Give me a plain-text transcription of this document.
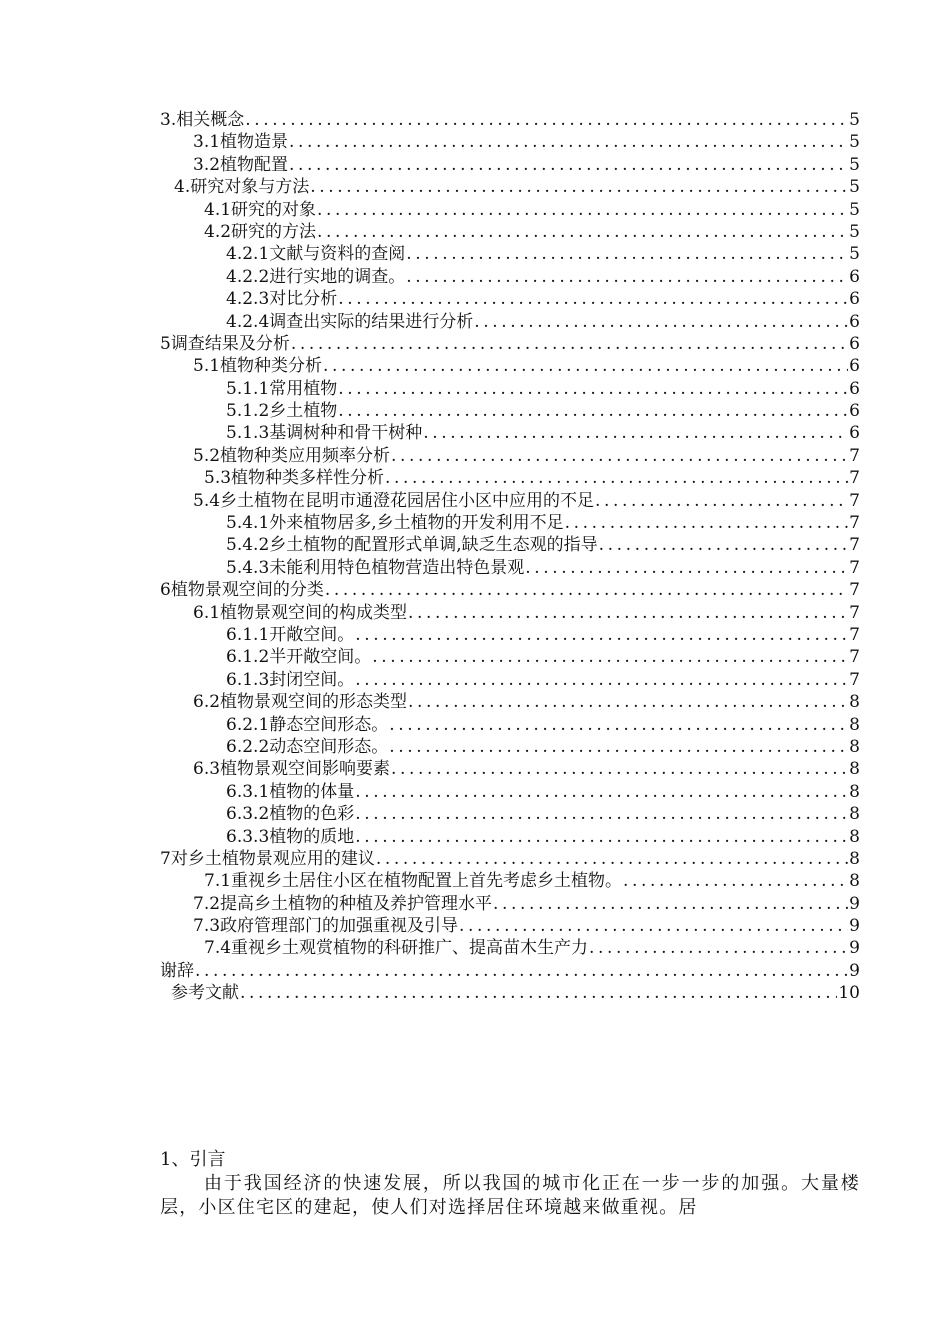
3.相关概念 .....	5
3.1植物造景 .....	5
3.2植物配置 .....	5
4.研究对象与方法 .....	5
4.1研究的对象 .....	5
4.2研究的方法 .....	5
4.2.1文献与资料的查阅 .....	5
4.2.2进行实地的调查。 .....	6
4.2.3对比分析 .....	6
4.2.4调查出实际的结果进行分析 .....	6
5调查结果及分析 .....	6
5.1植物种类分析 .....	6
5.1.1常用植物 .....	6
5.1.2乡土植物 .....	6
5.1.3基调树种和骨干树种 .....	6
5.2植物种类应用频率分析 .....	7
5.3植物种类多样性分析 .....	7
5.4乡土植物在昆明市通澄花园居住小区中应用的不足 .....	7
5.4.1外来植物居多,乡土植物的开发利用不足 .....	7
5.4.2乡土植物的配置形式单调,缺乏生态观的指导 .....	7
5.4.3未能利用特色植物营造出特色景观 .....	7
6植物景观空间的分类 .....	7
6.1植物景观空间的构成类型 .....	7
6.1.1开敞空间。 .....	7
6.1.2半开敞空间。 .....	7
6.1.3封闭空间。 .....	7
6.2植物景观空间的形态类型 .....	8
6.2.1静态空间形态。 .....	8
6.2.2动态空间形态。 .....	8
6.3植物景观空间影响要素 .....	8
6.3.1植物的体量 .....	8
6.3.2植物的色彩 .....	8
6.3.3植物的质地 .....	8
7对乡土植物景观应用的建议 .....	8
7.1重视乡土居住小区在植物配置上首先考虑乡土植物。 .....	8
7.2提高乡土植物的种植及养护管理水平 .....	9
7.3政府管理部门的加强重视及引导 .....	9
7.4重视乡土观赏植物的科研推广、提高苗木生产力 .....	9
谢辞 .....	9
参考文献 .....	10

1、引言

由于我国经济的快速发展，所以我国的城市化正在一步一步的加强。大量楼层，小区住宅区的建起，使人们对选择居住环境越来做重视。居
